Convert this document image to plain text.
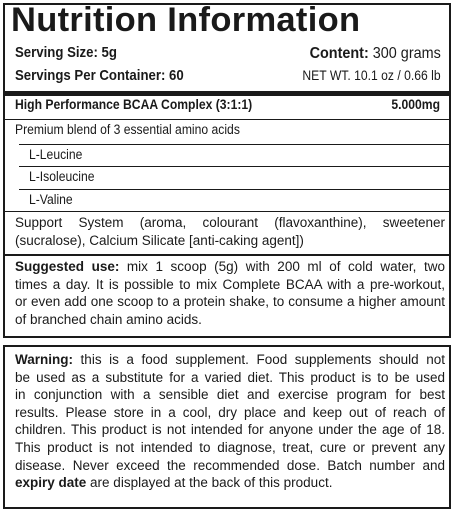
Nutrition Information
Serving Size: 5g
Servings Per Container: 60
Content: 300 grams
NET WT. 10.1 oz / 0.66 lb
High Performance BCAA Complex (3:1:1)	5.000mg
Premium blend of 3 essential amino acids
L-Leucine
L-Isoleucine
L-Valine
Support System (aroma, colourant (flavoxanthine), sweetener
(sucralose), Calcium Silicate [anti-caking agent])
Suggested use: mix 1 scoop (5g) with 200 ml of cold water, two
times a day. It is possible to mix Complete BCAA with a pre-workout,
or even add one scoop to a protein shake, to consume a higher amount
of branched chain amino acids.
Warning: this is a food supplement. Food supplements should not
be used as a substitute for a varied diet. This product is to be used
in conjunction with a sensible diet and exercise program for best
results. Please store in a cool, dry place and keep out of reach of
children. This product is not intended for anyone under the age of 18.
This product is not intended to diagnose, treat, cure or prevent any
disease. Never exceed the recommended dose. Batch number and
expiry date are displayed at the back of this product.
